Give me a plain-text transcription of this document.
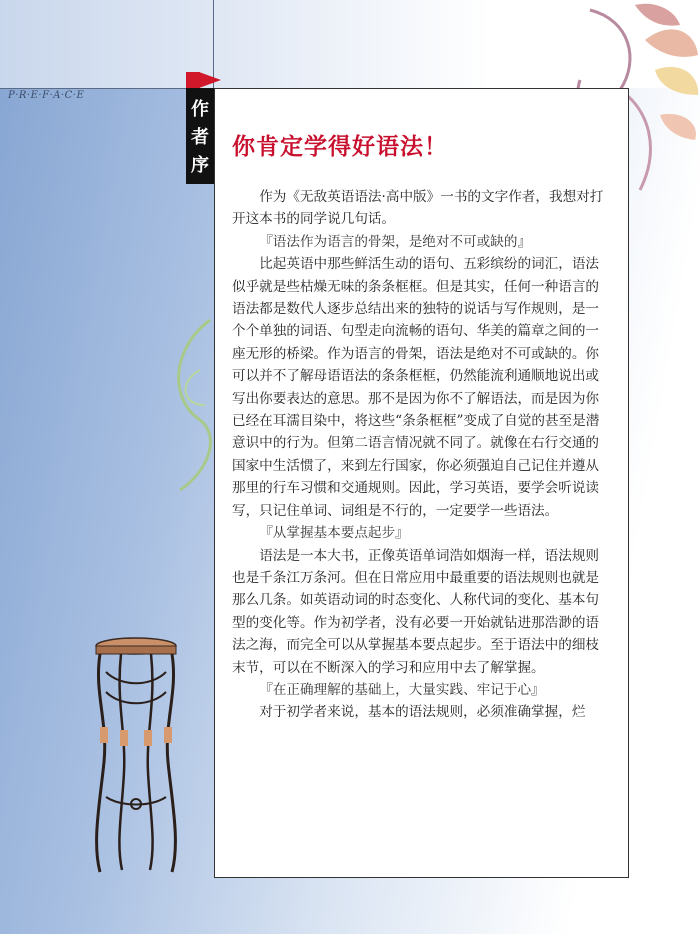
P·R·E·F·A·C·E
作
者
序
你肯定学得好语法！

作为《无敌英语语法·高中版》一书的文字作者，我想对打开这本书的同学说几句话。

『语法作为语言的骨架，是绝对不可或缺的』

比起英语中那些鲜活生动的语句、五彩缤纷的词汇，语法似乎就是些枯燥无味的条条框框。但是其实，任何一种语言的语法都是数代人逐步总结出来的独特的说话与写作规则，是一个个单独的词语、句型走向流畅的语句、华美的篇章之间的一座无形的桥梁。作为语言的骨架，语法是绝对不可或缺的。你可以并不了解母语语法的条条框框，仍然能流利通顺地说出或写出你要表达的意思。那不是因为你不了解语法，而是因为你已经在耳濡目染中，将这些“条条框框”变成了自觉的甚至是潜意识中的行为。但第二语言情况就不同了。就像在右行交通的国家中生活惯了，来到左行国家，你必须强迫自己记住并遵从那里的行车习惯和交通规则。因此，学习英语，要学会听说读写，只记住单词、词组是不行的，一定要学一些语法。

『从掌握基本要点起步』

语法是一本大书，正像英语单词浩如烟海一样，语法规则也是千条江万条河。但在日常应用中最重要的语法规则也就是那么几条。如英语动词的时态变化、人称代词的变化、基本句型的变化等。作为初学者，没有必要一开始就钻进那浩渺的语法之海，而完全可以从掌握基本要点起步。至于语法中的细枝末节，可以在不断深入的学习和应用中去了解掌握。

『在正确理解的基础上，大量实践、牢记于心』

对于初学者来说，基本的语法规则，必须准确掌握，烂
